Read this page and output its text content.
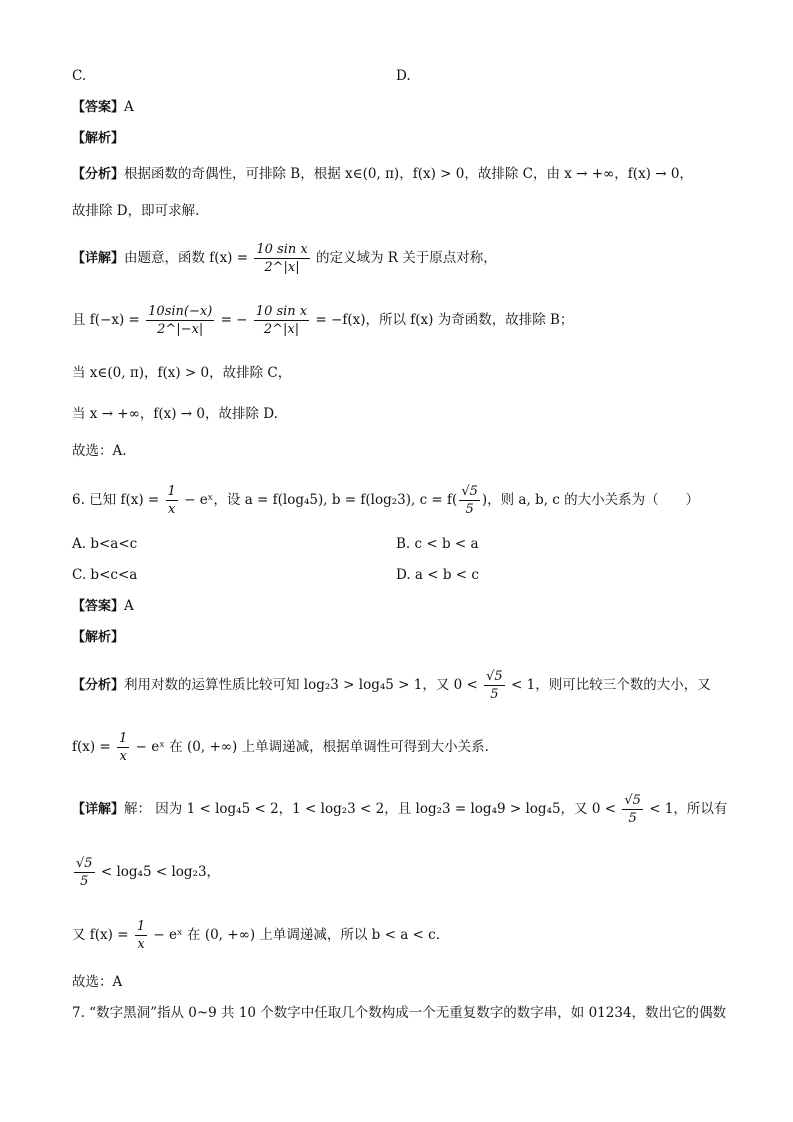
C.	D.
【答案】A
【解析】
【分析】根据函数的奇偶性，可排除 B，根据 x∈(0, π)，f(x) > 0，故排除 C，由 x → +∞，f(x) → 0，
故排除 D，即可求解.
【详解】由题意，函数 $f(x) = \frac{\text{10 sin x}}{2\^{}|x|}$ 的定义域为 R 关于原点对称，
且 $f(-x) = \frac{10\sin(-x)}{2\^{}|-x|}$ = − $\frac{\text{10 sin x}}{2\^{}|x|} = -f(x)$，所以 f(x) 为奇函数，故排除 B；
当 x∈(0, π)，f(x) > 0，故排除 C，
当 x → +∞，f(x) → 0，故排除 D.
故选：A.
6. 已知 $f(x) = \frac{1}{x}$ − eˣ，设 a = f(log₄5), b = f(log₂3), $c = f( \frac{√5}{5}$ )，则 a, b, c 的大小关系为（　　）
A. b<a<c	B. c < b < a
C. b<c<a	D. a < b < c
【答案】A
【解析】
【分析】利用对数的运算性质比较可知 log₂3 > log₄5 > 1，又 $0 < \frac{√5}{5} < 1$，则可比较三个数的大小，又
$f(x) = \frac{1}{x}$ − eˣ 在 (0, +∞) 上单调递减，根据单调性可得到大小关系.
【详解】解： 因为 1 < log₄5 < 2，1 < log₂3 < 2，且 log₂3 = log₄9 > log₄5，又 $0 < \frac{√5}{5} < 1$，所以有
$\frac{√5}{5} < \log_45 < \log_23$，
又 $f(x) = \frac{1}{x}$ − eˣ 在 (0, +∞) 上单调递减，所以 b < a < c.
故选：A
7. “数字黑洞”指从 0~9 共 10 个数字中任取几个数构成一个无重复数字的数字串，如 01234，数出它的偶数
